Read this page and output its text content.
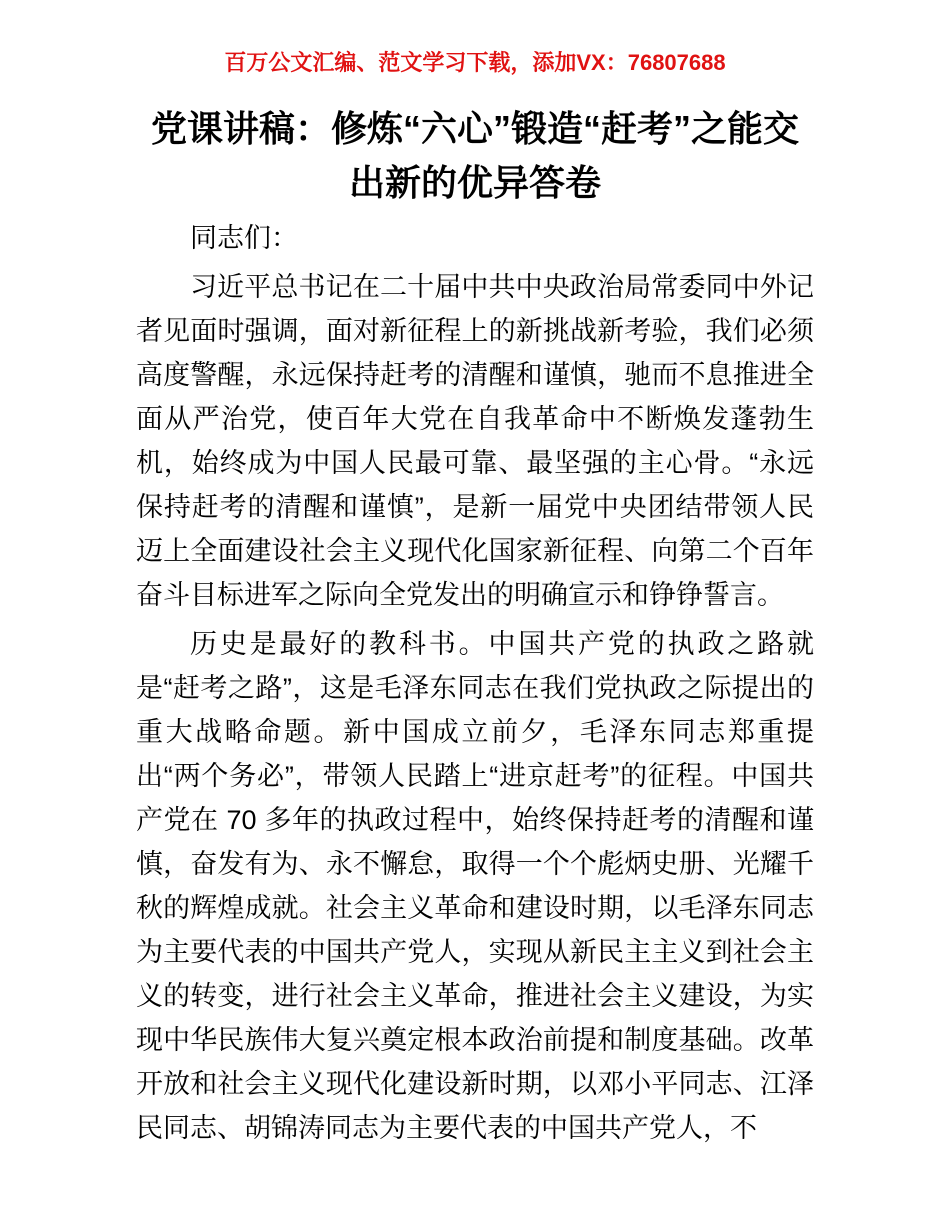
百万公文汇编、范文学习下载，添加VX：76807688
党课讲稿：修炼“六心”锻造“赶考”之能交
出新的优异答卷

同志们：

习近平总书记在二十届中共中央政治局常委同中外记者见面时强调，面对新征程上的新挑战新考验，我们必须高度警醒，永远保持赶考的清醒和谨慎，驰而不息推进全面从严治党，使百年大党在自我革命中不断焕发蓬勃生机，始终成为中国人民最可靠、最坚强的主心骨。“永远保持赶考的清醒和谨慎”，是新一届党中央团结带领人民迈上全面建设社会主义现代化国家新征程、向第二个百年奋斗目标进军之际向全党发出的明确宣示和铮铮誓言。

历史是最好的教科书。中国共产党的执政之路就是“赶考之路”，这是毛泽东同志在我们党执政之际提出的重大战略命题。新中国成立前夕，毛泽东同志郑重提出“两个务必”，带领人民踏上“进京赶考”的征程。中国共产党在 70 多年的执政过程中，始终保持赶考的清醒和谨慎，奋发有为、永不懈怠，取得一个个彪炳史册、光耀千秋的辉煌成就。社会主义革命和建设时期，以毛泽东同志为主要代表的中国共产党人，实现从新民主主义到社会主义的转变，进行社会主义革命，推进社会主义建设，为实现中华民族伟大复兴奠定根本政治前提和制度基础。改革开放和社会主义现代化建设新时期，以邓小平同志、江泽民同志、胡锦涛同志为主要代表的中国共产党人，不
